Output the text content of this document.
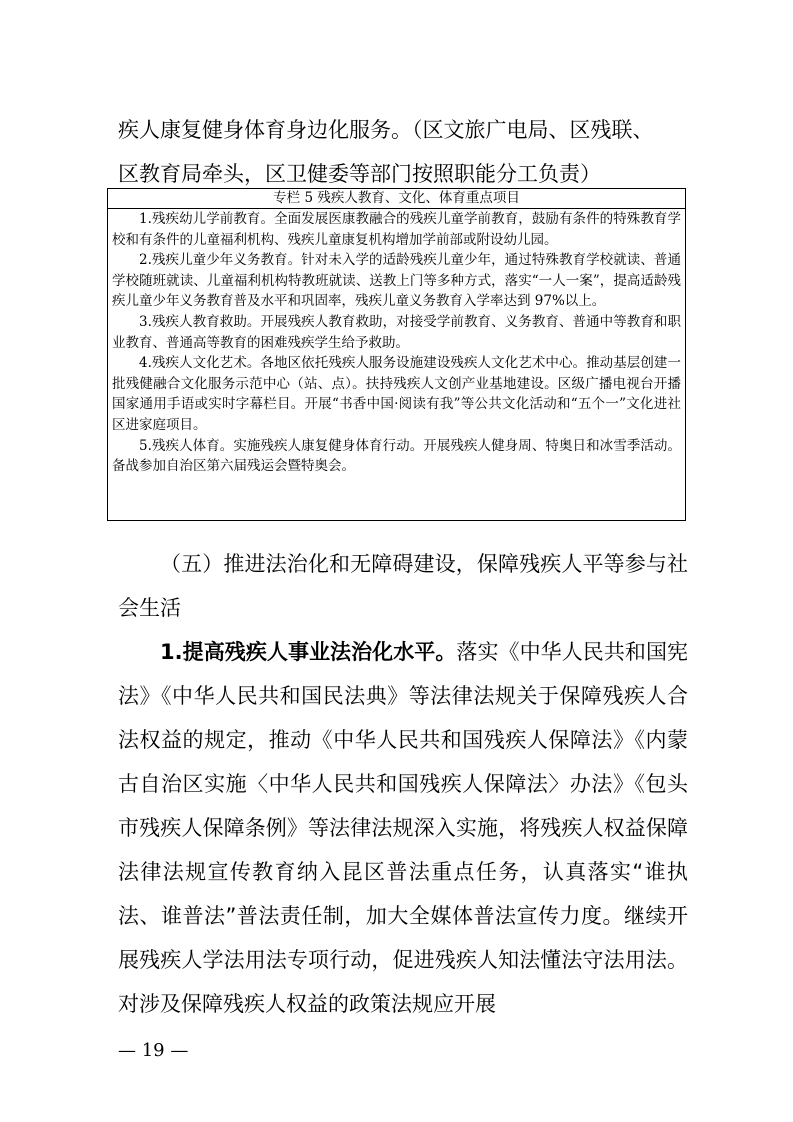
疾人康复健身体育身边化服务。（区文旅广电局、区残联、

区教育局牵头，区卫健委等部门按照职能分工负责）

专栏 5 残疾人教育、文化、体育重点项目

1.残疾幼儿学前教育。全面发展医康教融合的残疾儿童学前教育，鼓励有条件的特殊教育学校和有条件的儿童福利机构、残疾儿童康复机构增加学前部或附设幼儿园。

2.残疾儿童少年义务教育。针对未入学的适龄残疾儿童少年，通过特殊教育学校就读、普通学校随班就读、儿童福利机构特教班就读、送教上门等多种方式，落实“一人一案”，提高适龄残疾儿童少年义务教育普及水平和巩固率，残疾儿童义务教育入学率达到 97%以上。

3.残疾人教育救助。开展残疾人教育救助，对接受学前教育、义务教育、普通中等教育和职业教育、普通高等教育的困难残疾学生给予救助。

4.残疾人文化艺术。各地区依托残疾人服务设施建设残疾人文化艺术中心。推动基层创建一批残健融合文化服务示范中心（站、点）。扶持残疾人文创产业基地建设。区级广播电视台开播国家通用手语或实时字幕栏目。开展“书香中国·阅读有我”等公共文化活动和“五个一”文化进社区进家庭项目。

5.残疾人体育。实施残疾人康复健身体育行动。开展残疾人健身周、特奥日和冰雪季活动。备战参加自治区第六届残运会暨特奥会。

（五）推进法治化和无障碍建设，保障残疾人平等参与社会生活

1.提高残疾人事业法治化水平。落实《中华人民共和国宪法》《中华人民共和国民法典》等法律法规关于保障残疾人合法权益的规定，推动《中华人民共和国残疾人保障法》《内蒙古自治区实施〈中华人民共和国残疾人保障法〉办法》《包头市残疾人保障条例》等法律法规深入实施，将残疾人权益保障法律法规宣传教育纳入昆区普法重点任务，认真落实“谁执法、谁普法”普法责任制，加大全媒体普法宣传力度。继续开展残疾人学法用法专项行动，促进残疾人知法懂法守法用法。对涉及保障残疾人权益的政策法规应开展

— 19 —
